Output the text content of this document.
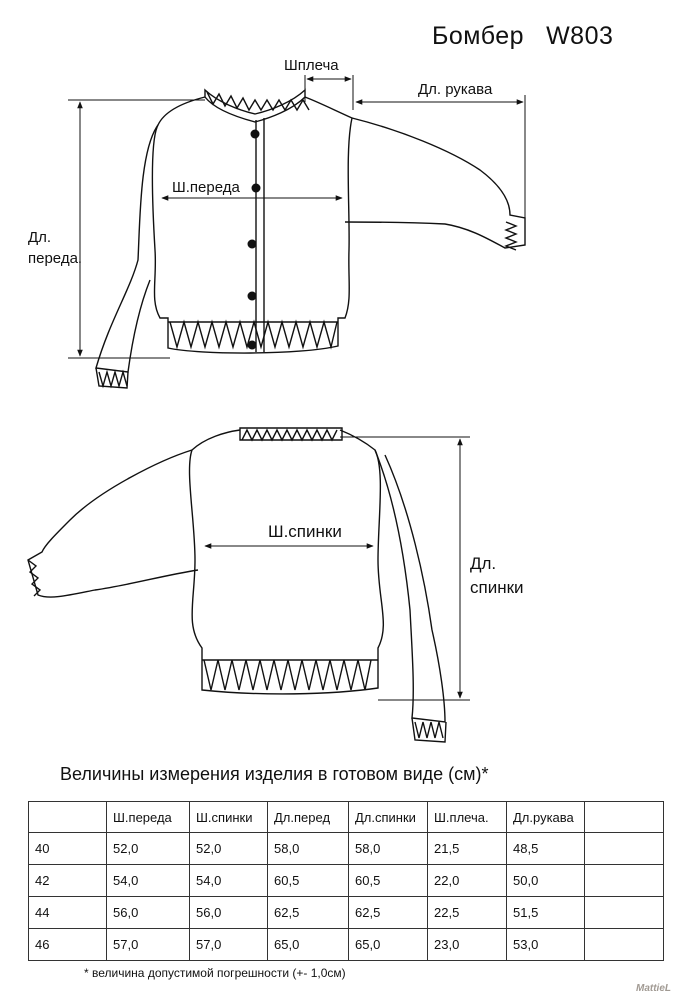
Бомбер W803
Шплеча
Дл. рукава
Ш.переда
Дл.
переда.
Ш.спинки
Дл.
спинки
Величины измерения изделия в готовом виде (см)*
	Ш.переда	Ш.спинки	Дл.перед	Дл.спинки	Ш.плеча.	Дл.рукава	
40	52,0	52,0	58,0	58,0	21,5	48,5	
42	54,0	54,0	60,5	60,5	22,0	50,0	
44	56,0	56,0	62,5	62,5	22,5	51,5	
46	57,0	57,0	65,0	65,0	23,0	53,0	
* величина допустимой погрешности (+- 1,0см)
MattieL
